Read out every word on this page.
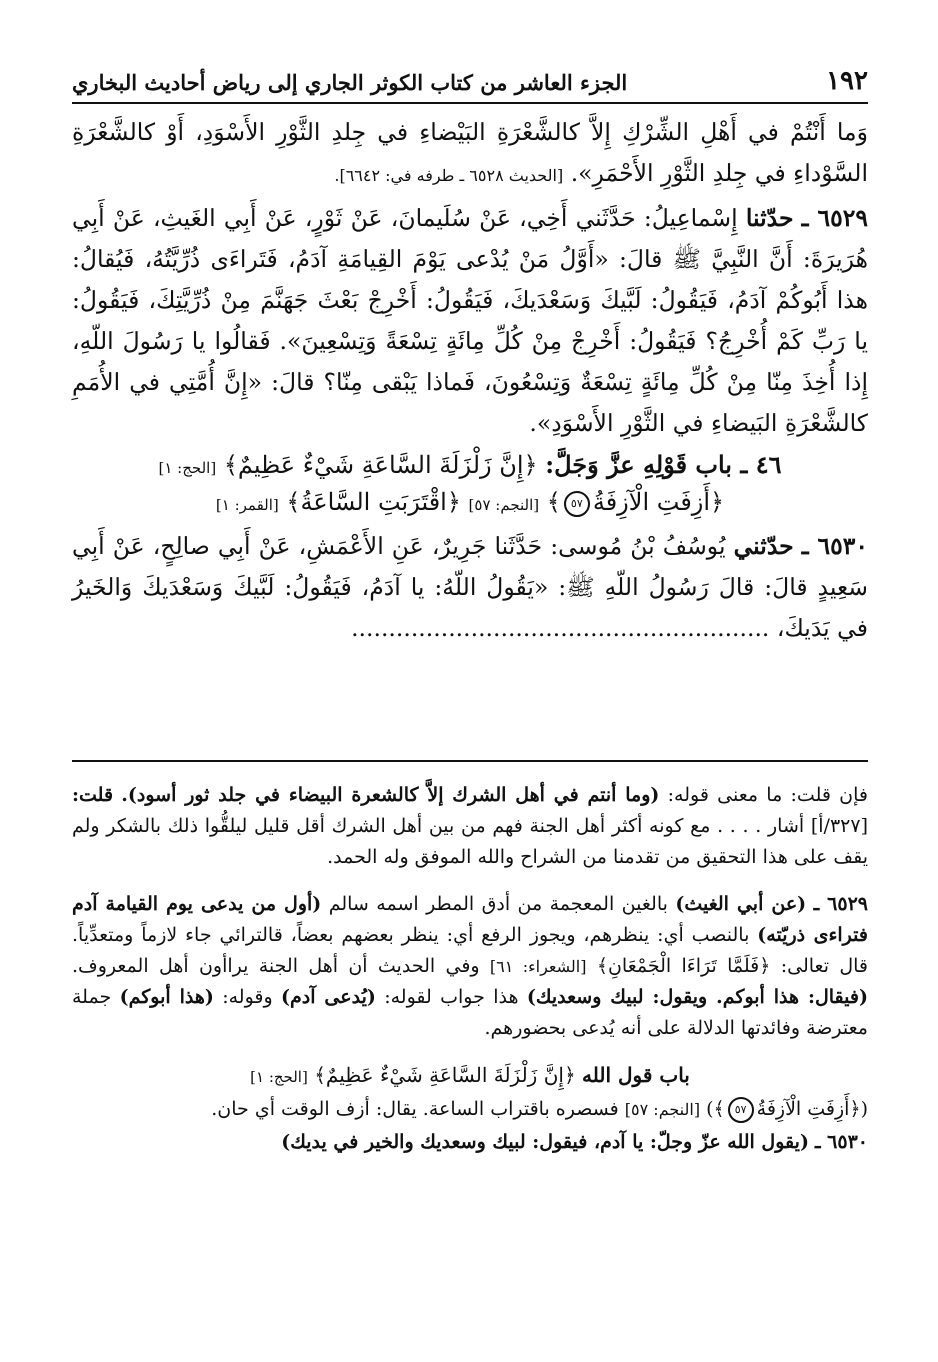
١٩٢
الجزء العاشر من كتاب الكوثر الجاري إلى رياض أحاديث البخاري

وَما أَنْتُمْ في أَهْلِ الشِّرْكِ إِلاَّ كالشَّعْرَةِ البَيْضاءِ في جِلدِ الثَّوْرِ الأَسْوَدِ، أَوْ كالشَّعْرَةِ السَّوْداءِ في جِلدِ الثَّوْرِ الأَحْمَرِ». [الحديث ٦٥٢٨ ـ طرفه في: ٦٦٤٢].

٦٥٢٩ ـ حدّثنا إِسْماعِيلُ: حَدَّثَني أَخِي، عَنْ سُلَيمانَ، عَنْ ثَوْرٍ، عَنْ أَبِي الغَيثِ، عَنْ أَبِي هُرَيرَةَ: أَنَّ النَّبِيَّ ﷺ قالَ: «أَوَّلُ مَنْ يُدْعى يَوْمَ القِيامَةِ آدَمُ، فَتَراءَى ذُرِّيَّتُهُ، فَيُقالُ: هذا أَبُوكُمْ آدَمُ، فَيَقُولُ: لَبَّيكَ وَسَعْدَيكَ، فَيَقُولُ: أَخْرِجْ بَعْثَ جَهَنَّمَ مِنْ ذُرِّيَّتِكَ، فَيَقُولُ: يا رَبِّ كَمْ أُخْرِجُ؟ فَيَقُولُ: أَخْرِجْ مِنْ كُلِّ مِائَةٍ تِسْعَةً وَتِسْعِينَ». فَقالُوا يا رَسُولَ اللّهِ، إِذا أُخِذَ مِنّا مِنْ كُلِّ مِائَةٍ تِسْعَةٌ وَتِسْعُونَ، فَماذا يَبْقى مِنّا؟ قالَ: «إِنَّ أُمَّتِي في الأُمَمِ كالشَّعْرَةِ البَيضاءِ في الثَّوْرِ الأَسْوَدِ».

٤٦ ـ باب قَوْلِهِ عزَّ وَجَلَّ: ﴿إِنَّ زَلْزَلَةَ السَّاعَةِ شَيْءٌ عَظِيمٌ﴾ [الحج: ١]
﴿أَزِفَتِ الْآزِفَةُ٥٧﴾ [النجم: ٥٧] ﴿اقْتَرَبَتِ السَّاعَةُ﴾ [القمر: ١]

٦٥٣٠ ـ حدّثني يُوسُفُ بْنُ مُوسى: حَدَّثَنا جَرِيرٌ، عَنِ الأَعْمَشِ، عَنْ أَبِي صالِحٍ، عَنْ أَبِي سَعِيدٍ قالَ: قالَ رَسُولُ اللّهِ ﷺ: «يَقُولُ اللّهُ: يا آدَمُ، فَيَقُولُ: لَبَّيكَ وَسَعْدَيكَ وَالخَيرُ في يَدَيكَ، ........................................................

فإن قلت: ما معنى قوله: (وما أنتم في أهل الشرك إلاَّ كالشعرة البيضاء في جلد ثور أسود). قلت: [٣٢٧/أ] أشار . . . . مع كونه أكثر أهل الجنة فهم من بين أهل الشرك أقل قليل ليلقُّوا ذلك بالشكر ولم يقف على هذا التحقيق من تقدمنا من الشراح والله الموفق وله الحمد.

٦٥٢٩ ـ (عن أبي الغيث) بالغين المعجمة من أدق المطر اسمه سالم (أول من يدعى يوم القيامة آدم فتراءى ذريّته) بالنصب أي: ينظرهم، ويجوز الرفع أي: ينظر بعضهم بعضاً، قالترائي جاء لازماً ومتعدِّياً. قال تعالى: ﴿فَلَمَّا تَرَاءَا الْجَمْعَانِ﴾ [الشعراء: ٦١] وفي الحديث أن أهل الجنة يراأون أهل المعروف. (فيقال: هذا أبوكم. ويقول: لبيك وسعديك) هذا جواب لقوله: (يُدعى آدم) وقوله: (هذا أبوكم) جملة معترضة وفائدتها الدلالة على أنه يُدعى بحضورهم.

باب قول الله ﴿إِنَّ زَلْزَلَةَ السَّاعَةِ شَيْءٌ عَظِيمٌ﴾ [الحج: ١]

(﴿أَزِفَتِ الْآزِفَةُ٥٧﴾) [النجم: ٥٧] فسصره باقتراب الساعة. يقال: أزف الوقت أي حان.

٦٥٣٠ ـ (يقول الله عزّ وجلّ: يا آدم، فيقول: لبيك وسعديك والخير في يديك)
